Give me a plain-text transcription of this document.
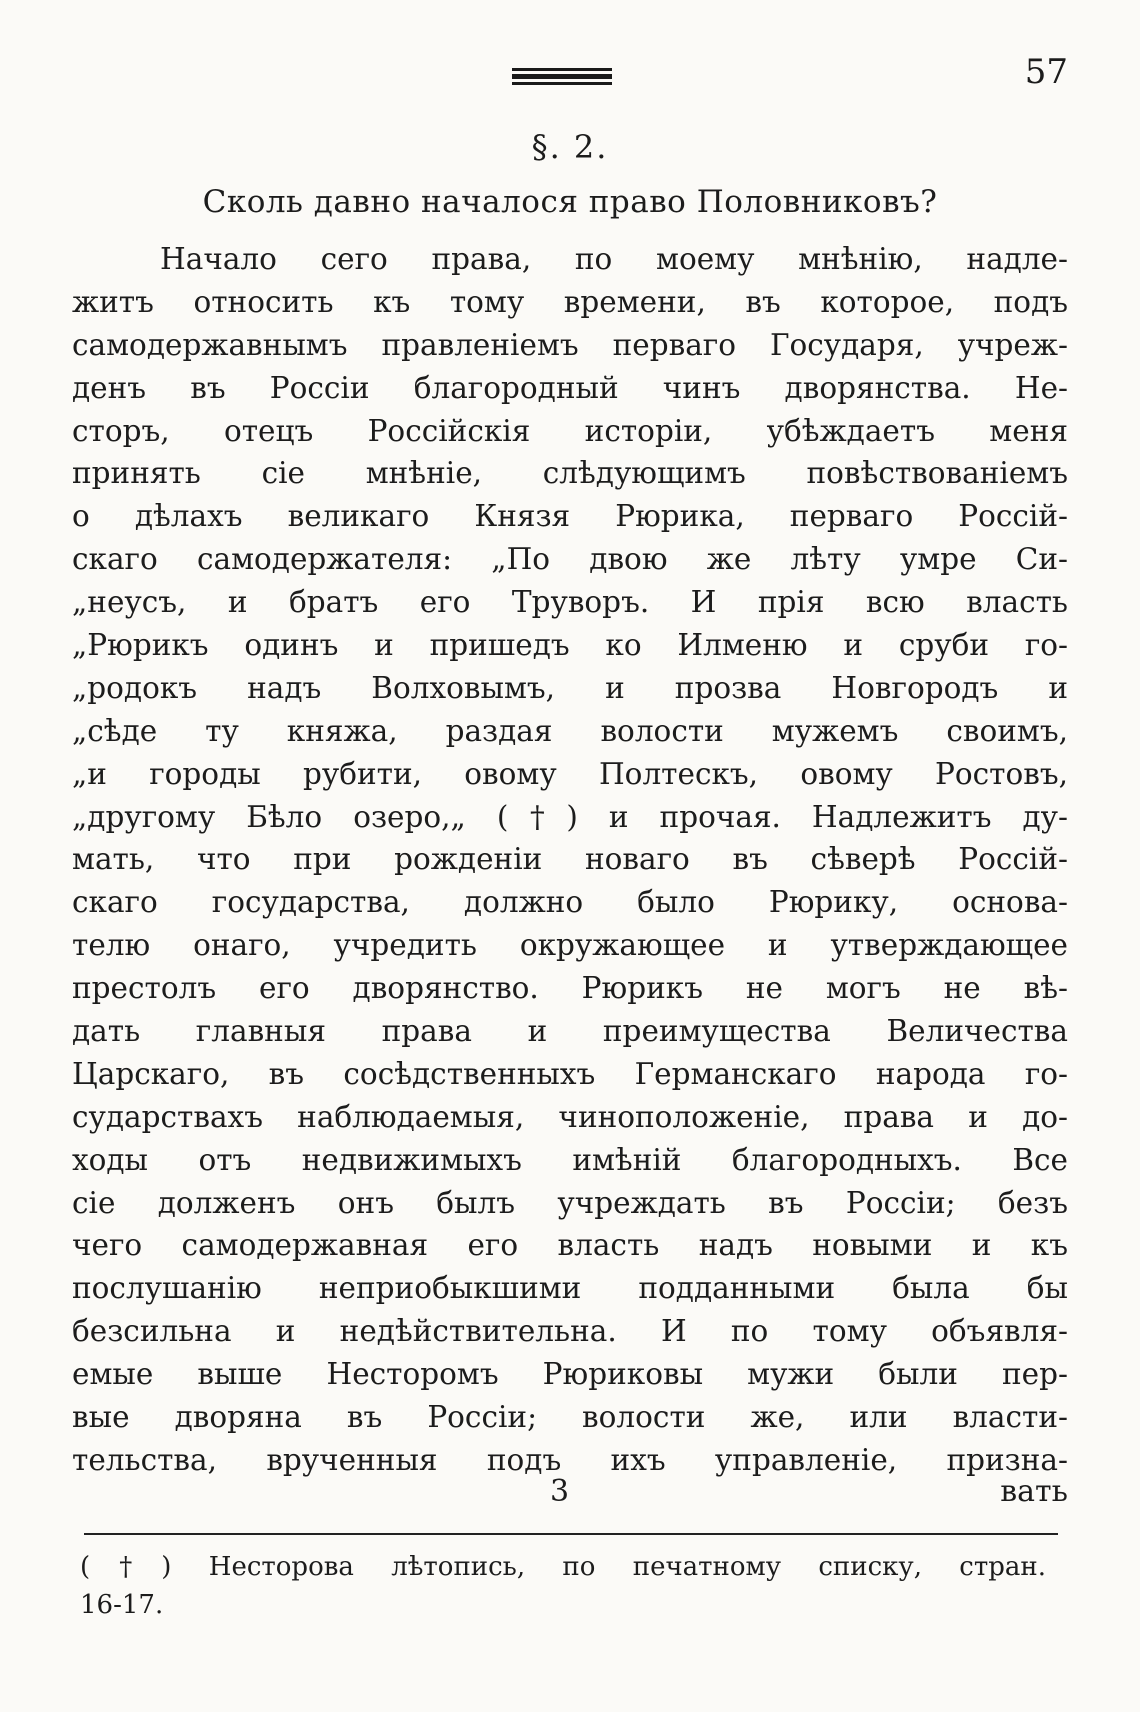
57
§. 2.
Сколь давно началося право Половниковъ?
Начало сего права, по моему мнѣнію, надле-
житъ относить къ тому времени, въ которое, подъ
самодержавнымъ правленіемъ перваго Государя, учреж-
денъ въ Россіи благородный чинъ дворянства. Не-
сторъ, отецъ Россійскія исторіи, убѣждаетъ меня
принять сіе мнѣніе, слѣдующимъ повѣствованіемъ
о дѣлахъ великаго Князя Рюрика, перваго Россій-
скаго самодержателя: „По двою же лѣту умре Си-
„неусъ, и братъ его Труворъ. И прія всю власть
„Рюрикъ одинъ и пришедъ ко Илменю и сруби го-
„родокъ надъ Волховымъ, и прозва Новгородъ и
„сѣде ту княжа, раздая волости мужемъ своимъ,
„и городы рубити, овому Полтескъ, овому Ростовъ,
„другому Бѣло озеро,„ (†) и прочая. Надлежитъ ду-
мать, что при рожденіи новаго въ сѣверѣ Россій-
скаго государства, должно было Рюрику, основа-
телю онаго, учредить окружающее и утверждающее
престолъ его дворянство. Рюрикъ не могъ не вѣ-
дать главныя права и преимущества Величества
Царскаго, въ сосѣдственныхъ Германскаго народа го-
сударствахъ наблюдаемыя, чиноположеніе, права и до-
ходы отъ недвижимыхъ имѣній благородныхъ. Все
сіе долженъ онъ былъ учреждать въ Россіи; безъ
чего самодержавная его власть надъ новыми и къ
послушанію неприобыкшими подданными была бы
безсильна и недѣйствительна. И по тому объявля-
емые выше Несторомъ Рюриковы мужи были пер-
вые дворяна въ Россіи; волости же, или власти-
тельства, врученныя подъ ихъ управленіе, призна-
3	вать
(†) Несторова лѣтопись, по печатному списку, стран.
16-17.
